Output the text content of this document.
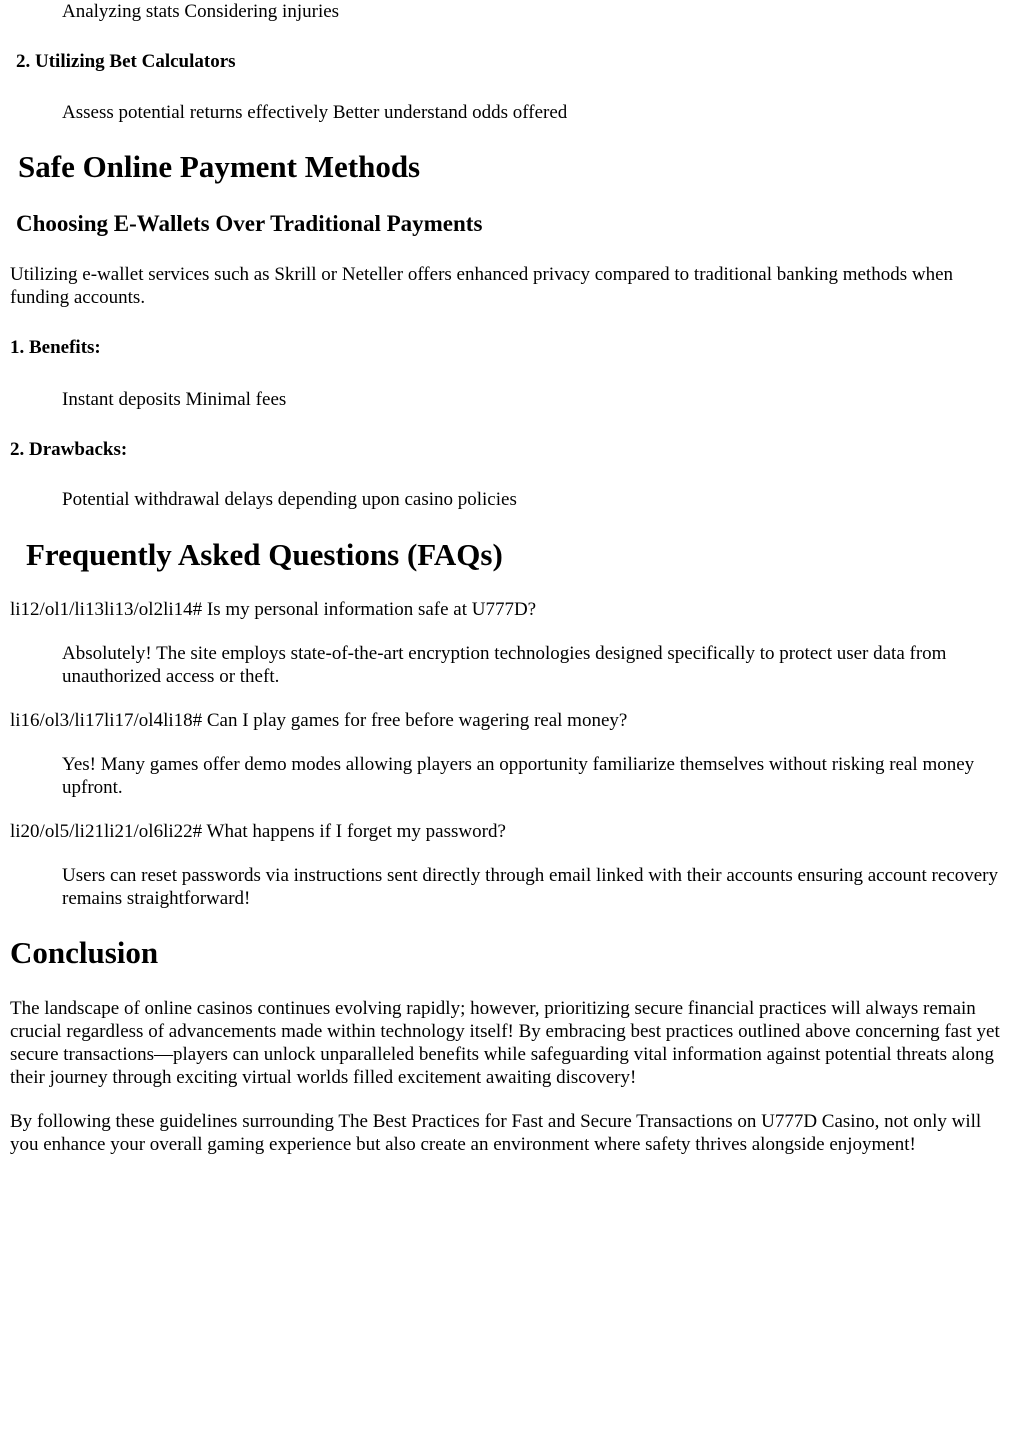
Analyzing stats Considering injuries

2. Utilizing Bet Calculators

Assess potential returns effectively Better understand odds offered

Safe Online Payment Methods
Choosing E-Wallets Over Traditional Payments

Utilizing e-wallet services such as Skrill or Neteller offers enhanced privacy compared to traditional banking methods when funding accounts.

1. Benefits:

Instant deposits Minimal fees

2. Drawbacks:

Potential withdrawal delays depending upon casino policies

Frequently Asked Questions (FAQs)

li12/ol1/li13li13/ol2li14# Is my personal information safe at U777D?

Absolutely! The site employs state-of-the-art encryption technologies designed specifically to protect user data from unauthorized access or theft.

li16/ol3/li17li17/ol4li18# Can I play games for free before wagering real money?

Yes! Many games offer demo modes allowing players an opportunity familiarize themselves without risking real money upfront.

li20/ol5/li21li21/ol6li22# What happens if I forget my password?

Users can reset passwords via instructions sent directly through email linked with their accounts ensuring account recovery remains straightforward!

Conclusion

The landscape of online casinos continues evolving rapidly; however, prioritizing secure financial practices will always remain crucial regardless of advancements made within technology itself! By embracing best practices outlined above concerning fast yet secure transactions—players can unlock unparalleled benefits while safeguarding vital information against potential threats along their journey through exciting virtual worlds filled excitement awaiting discovery!

By following these guidelines surrounding The Best Practices for Fast and Secure Transactions on U777D Casino, not only will you enhance your overall gaming experience but also create an environment where safety thrives alongside enjoyment!
